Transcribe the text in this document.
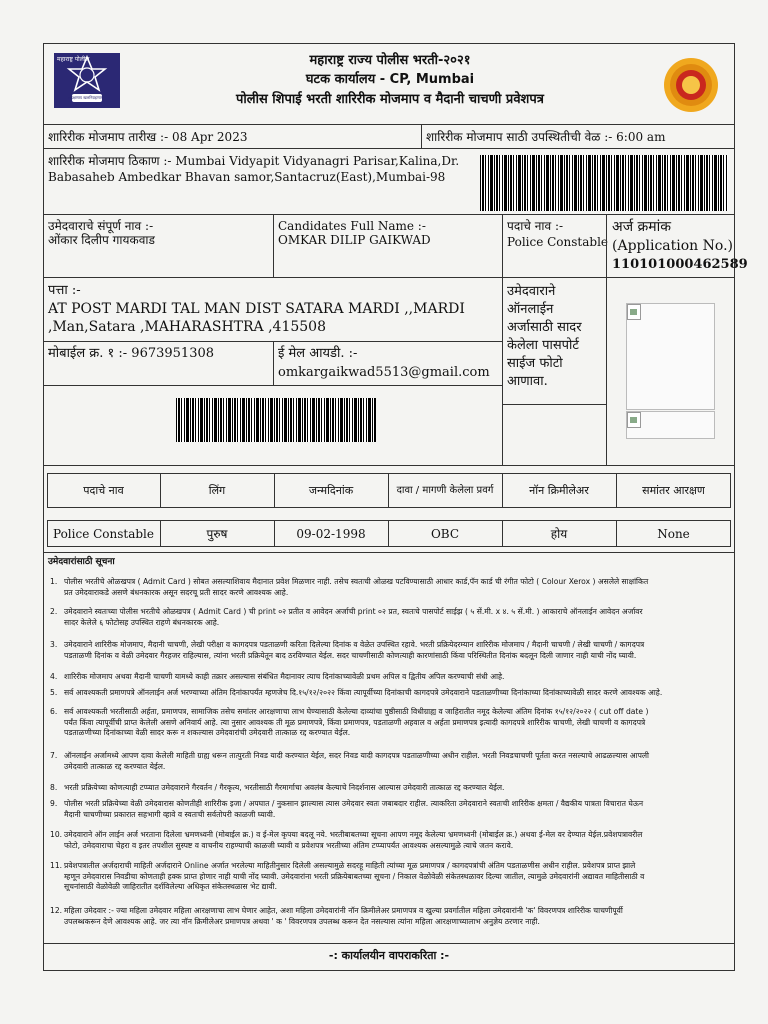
महाराष्ट्र पोलीस
सद्रक्षणाय खलनिग्रहणाय
महाराष्ट्र राज्य पोलीस भरती-२०२१
घटक कार्यालय - CP, Mumbai
पोलीस शिपाई भरती शारिरीक मोजमाप व मैदानी चाचणी प्रवेशपत्र
शारिरीक मोजमाप तारीख :- 08 Apr 2023	शारिरीक मोजमाप साठी उपस्थितीची वेळ :- 6:00 am
शारिरीक मोजमाप ठिकाण :- Mumbai Vidyapit Vidyanagri Parisar,Kalina,Dr.
Babasaheb Ambedkar Bhavan samor,Santacruz(East),Mumbai-98
उमेदवाराचे संपूर्ण नाव :-
ओंकार दिलीप गायकवाड
Candidates Full Name :-
OMKAR DILIP GAIKWAD
पदाचे नाव :-
Police Constable
अर्ज क्रमांक
(Application No.)
110101000462589
पत्ता :-
AT POST MARDI TAL MAN DIST SATARA MARDI ,,MARDI
,Man,Satara ,MAHARASHTRA ,415508
मोबाईल क्र. १ :- 9673951308	ई मेल आयडी. :-
omkargaikwad5513@gmail.com
उमेदवाराने
ऑनलाईन
अर्जासाठी सादर
केलेला पासपोर्ट
साईज फोटो
आणावा.
पदाचे नाव	लिंग	जन्मदिनांक	दावा / मागणी केलेला प्रवर्ग	नॉन क्रिमीलेअर	समांतर आरक्षण
Police Constable	पुरुष	09-02-1998	OBC	होय	None
उमेदवारांसाठी सूचना
1. पोलीस भरतीचे ओळखपत्र ( Admit Card ) सोबत असल्याशिवाय मैदानात प्रवेश मिळणार नाही. तसेच स्वतःची ओळख पटविण्यासाठी आधार कार्ड,पॅन कार्ड ची रंगीत फोटो ( Colour Xerox ) असलेले साक्षांकित
प्रत उमेदवाराकडे असणे बंधनकारक असून सदरचू प्रती सादर करणे आवश्यक आहे.
2. उमेदवाराने स्वतःच्या पोलीस भरतीचे ओळखपत्र ( Admit Card ) ची print ०२ प्रतीत व आवेदन अर्जाची print ०२ प्रत, स्वतःचे पासपोर्ट साईझ ( ५ सें.मी. x ४. ५ सें.मी. ) आकाराचे ऑनलाईन आवेदन अर्जावर
सादर केलेले ६ फोटोसह उपस्थित राहणे बंधनकारक आहे.
3. उमेदवाराने शारिरीक मोजमाप, मैदानी चाचणी, लेखी परीक्षा व कागदपत्र पडताळणी करिता दिलेल्या दिनांक व वेळेत उपस्थित रहावे. भरती प्रक्रियेदरम्यान शारिरीक मोजमाप / मैदानी चाचणी / लेखी चाचणी / कागदपत्र
पडताळणी दिनांक व वेळी उमेदवार गैरहजर राहिल्यास, त्यांना भरती प्रक्रियेतून बाद ठरविण्यात येईल. सदर चाचणीसाठी कोणत्याही कारणांसाठी किंवा परिस्थितीत दिनांक बदलून दिली जाणार नाही याची नोंद घ्यावी.
4. शारिरीक मोजमाप अथवा मैदानी चाचणी यामध्ये काही तक्रार असल्यास संबंधित मैदानावर त्याच दिनांकाच्यावेळी प्रथम अपिल व द्वितीय अपिल करण्याची संधी आहे.
5. सर्व आवश्यकती प्रमाणपत्रे ऑनलाईन अर्ज भरण्याच्या अंतिम दिनांकापर्यंत म्हणजेच दि.१५/१२/२०२२ किंवा त्यापूर्वीच्या दिनांकाची कागदपत्रे उमेदवाराने पडताळणीच्या दिनांकाच्या दिनांकाच्यावेळी सादर करणे आवश्यक आहे.
6. सर्व आवश्यकती भरतीसाठी अर्हता, प्रमाणपत्र, सामाजिक तसेच समांतर आरक्षणाचा लाभ घेण्यासाठी केलेल्या दाव्यांचा पुष्ठीसाठी विधीग्राह्य व जाहिरातीत नमूद केलेल्या अंतिम दिनांक १५/१२/२०२२ ( cut off date )
पर्यंत किंवा त्यापूर्वीची प्राप्त केलेली असणे अनिवार्य आहे. त्या नुसार आवश्यक ती मूळ प्रमाणपत्रे, किंवा प्रमाणपत्र, पडताळणी अहवाल व अर्हता प्रमाणपत्र इत्यादी कागदपत्रे शारिरीक चाचणी, लेखी चाचणी व कागदपत्रे
पडताळणीच्या दिनांकाच्या वेळी सादर करू न शकल्यास उमेदवारांची उमेदवारी तात्काळ रद्द करण्यात येईल.
7. ऑनलाईन अर्जामध्ये आपण दावा केलेली माहिती ग्राह्य धरून तात्पुरती निवड यादी करण्यात येईल, सदर निवड यादी कागदपत्र पडताळणीच्या अधीन राहील. भरती निवडचाचणी पूर्तता करत नसल्याचे आढळल्यास आपली
उमेदवारी तात्काळ रद्द करण्यात येईल.
8. भरती प्रक्रियेच्या कोणत्याही टप्प्यात उमेदवाराने गैरवर्तन / गैरकृत्य, भरतीसाठी गैरमार्गाचा अवलंब केल्याचे निदर्शनास आल्यास उमेदवारी तात्काळ रद्द करण्यात येईल.
9. पोलीस भरती प्रक्रियेच्या वेळी उमेदवारास कोणतीही शारिरीक इजा / अपघात / नुकसान झाल्यास त्यास उमेदवार स्वतः जबाबदार राहील. त्याकरिता उमेदवाराने स्वतःची शारिरीक क्षमता / वैद्यकीय पात्रता विचारात घेऊन
मैदानी चाचणीच्या प्रकारात सहभागी व्हावे व स्वतःची सर्वतोपरी काळजी घ्यावी.
10. उमेदवाराने ऑन लाईन अर्ज भरताना दिलेला भ्रमणध्वनी (मोबाईल क्र.) व ई-मेल कृपया बदलू नये. भरतीबाबतच्या सूचना आपण नमूद केलेल्या भ्रमणध्वनी (मोबाईल क्र.) अथवा ई-मेल वर देण्यात येईल.प्रवेशपत्रावरील
फोटो, उमेदवाराचा चेहरा व इतर तपशील सुस्पष्ट व वाचनीय राहण्याची काळजी घ्यावी व प्रवेशपत्र भरतीच्या अंतिम टप्प्यापर्यंत आवश्यक असल्यामुळे त्याचे जतन करावे.
11. प्रवेशपत्रातील अर्जदाराची माहिती अर्जदाराने Online अर्जात भरलेल्या माहितीनुसार दिलेली असल्यामुळे सदरहू माहिती त्यांच्या मूळ प्रमाणपत्र / कागदपत्रांची अंतिम पडताळणीस अधीन राहील. प्रवेशपत्र प्राप्त झाले
म्हणून उमेदवारास निवडीचा कोणताही हक्क प्राप्त होणार नाही याची नोंद घ्यावी. उमेदवारांना भरती प्रक्रियेबाबतच्या सूचना / निकाल वेळोवेळी संकेतस्थळावर दिल्या जातील, त्यामुळे उमेदवारांनी अद्यावत माहितीसाठी व
सूचनांसाठी वेळोवेळी जाहिरातीत दर्शविलेल्या अधिकृत संकेतस्थळास भेट द्यावी.
12. महिला उमेदवार :- ज्या महिला उमेदवार महिला आरक्षणाचा लाभ घेणार आहेत, अशा महिला उमेदवारांनी नॉन क्रिमीलेअर प्रमाणपत्र व खुल्या प्रवर्गातील महिला उमेदवारांनी 'क' विवरणपत्र शारिरीक चाचणीपूर्वी
उपलब्धकरून देणे आवश्यक आहे. जर त्या नॉन क्रिमीलेअर प्रमाणपत्र अथवा ' क ' विवरणपत्र उपलब्ध करून देत नसल्यास त्यांना महिला आरक्षणाच्यालाभ अनुज्ञेय ठरणार नाही.
-: कार्यालयीन वापराकरिता :-
